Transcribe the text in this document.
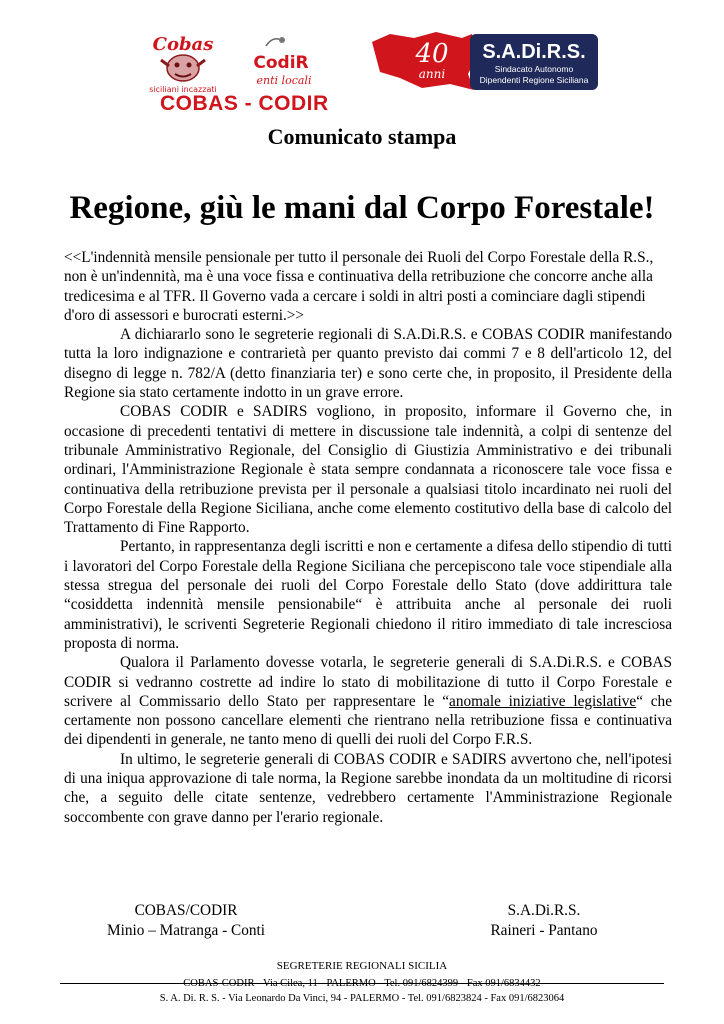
Cobas
siciliani incazzati
CodiR
enti locali
COBAS - CODIR
40
anni
S.A.Di.R.S.
Sindacato Autonomo
Dipendenti Regione Siciliana
Comunicato stampa
Regione, giù le mani dal Corpo Forestale!

<<L'indennità mensile pensionale per tutto il personale dei Ruoli del Corpo Forestale della R.S., non è un'indennità, ma è una voce fissa e continuativa della retribuzione che concorre anche alla tredicesima e al TFR. Il Governo vada a cercare i soldi in altri posti a cominciare dagli stipendi d'oro di assessori e burocrati esterni.>>

A dichiararlo sono le segreterie regionali di S.A.Di.R.S. e COBAS CODIR manifestando tutta la loro indignazione e contrarietà per quanto previsto dai commi 7 e 8 dell'articolo 12, del disegno di legge n. 782/A (detto finanziaria ter) e sono certe che, in proposito, il Presidente della Regione sia stato certamente indotto in un grave errore.

COBAS CODIR e SADIRS vogliono, in proposito, informare il Governo che, in occasione di precedenti tentativi di mettere in discussione tale indennità, a colpi di sentenze del tribunale Amministrativo Regionale, del Consiglio di Giustizia Amministrativo e dei tribunali ordinari, l'Amministrazione Regionale è stata sempre condannata a riconoscere tale voce fissa e continuativa della retribuzione prevista per il personale a qualsiasi titolo incardinato nei ruoli del Corpo Forestale della Regione Siciliana, anche come elemento costitutivo della base di calcolo del Trattamento di Fine Rapporto.

Pertanto, in rappresentanza degli iscritti e non e certamente a difesa dello stipendio di tutti i lavoratori del Corpo Forestale della Regione Siciliana che percepiscono tale voce stipendiale alla stessa stregua del personale dei ruoli del Corpo Forestale dello Stato (dove addirittura tale “cosiddetta indennità mensile pensionabile“ è attribuita anche al personale dei ruoli amministrativi), le scriventi Segreterie Regionali chiedono il ritiro immediato di tale incresciosa proposta di norma.

Qualora il Parlamento dovesse votarla, le segreterie generali di S.A.Di.R.S. e COBAS CODIR si vedranno costrette ad indire lo stato di mobilitazione di tutto il Corpo Forestale e scrivere al Commissario dello Stato per rappresentare le “anomale iniziative legislative“ che certamente non possono cancellare elementi che rientrano nella retribuzione fissa e continuativa dei dipendenti in generale, ne tanto meno di quelli dei ruoli del Corpo F.R.S.

In ultimo, le segreterie generali di COBAS CODIR e SADIRS avvertono che, nell'ipotesi di una iniqua approvazione di tale norma, la Regione sarebbe inondata da un moltitudine di ricorsi che, a seguito delle citate sentenze, vedrebbero certamente l'Amministrazione Regionale soccombente con grave danno per l'erario regionale.

COBAS/CODIR
Minio – Matranga - Conti
S.A.Di.R.S.
Raineri - Pantano
SEGRETERIE REGIONALI SICILIA
COBAS-CODIR - Via Cilea, 11 - PALERMO - Tel. 091/6824399 - Fax 091/6834432
S. A. Di. R. S. - Via Leonardo Da Vinci, 94 - PALERMO - Tel. 091/6823824 - Fax 091/6823064
